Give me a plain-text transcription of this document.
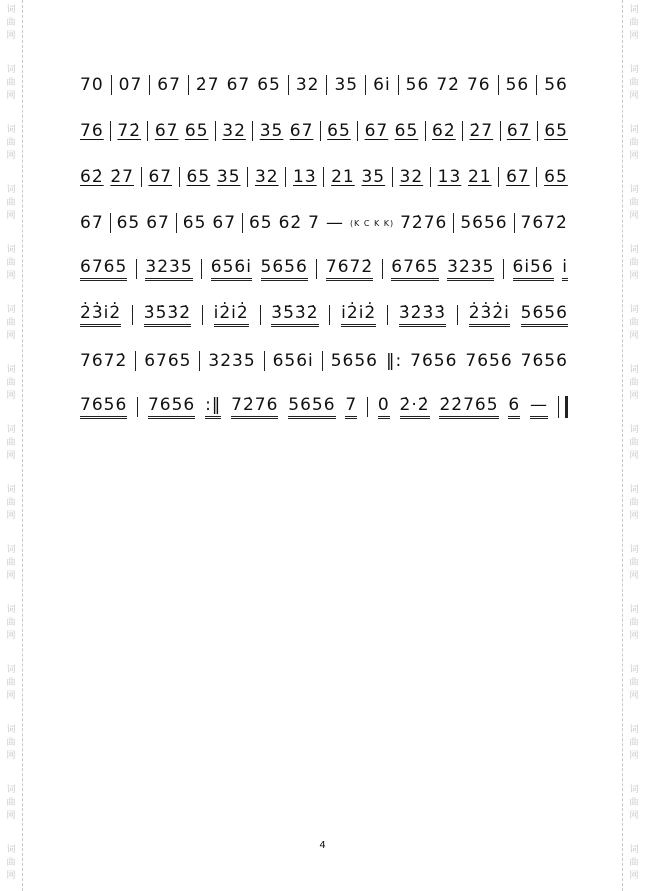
词
曲
网
词
曲
网
词
曲
网
词
曲
网
词
曲
网
词
曲
网
词
曲
网
词
曲
网
词
曲
网
词
曲
网
词
曲
网
词
曲
网
词
曲
网
词
曲
网
词
曲
网
词
曲
网
词
曲
网
词
曲
网
词
曲
网
词
曲
网
词
曲
网
词
曲
网
词
曲
网
词
曲
网
词
曲
网
词
曲
网
词
曲
网
词
曲
网
词
曲
网
词
曲
网
70 07 67 2̇7 67 65 32 35 6i̇ 56 72̇ 76 56 56
76 72̇ 67 65 32 35 67 65 67 65 62̇ 2̇7 67 65
62̇ 2̇7 67 65 35 32 13 21 35 32 13 21 67 65
67 65 67 65 67 65 62̇ 7 — (K C K K) 72̇76 5656 7672̇
6765 3235 656i̇ 5656 7672̇ 6765 3235 6i̇56 i̇
2̇3̇i̇2̇ 3̇5̇3̇2̇ i̇2̇i̇2̇ 3̇5̇3̇2̇ i̇2̇i̇2̇ 3̇2̇3̇3̇ 2̇3̇2̇i̇ 5656
7672̇ 6765 3235 656i̇ 5656 ‖: 7656 7656 7656
7656 7656 :‖ 72̇76 5656 7 0 2̇·2̇ 2̇2̇765 6 —
4
